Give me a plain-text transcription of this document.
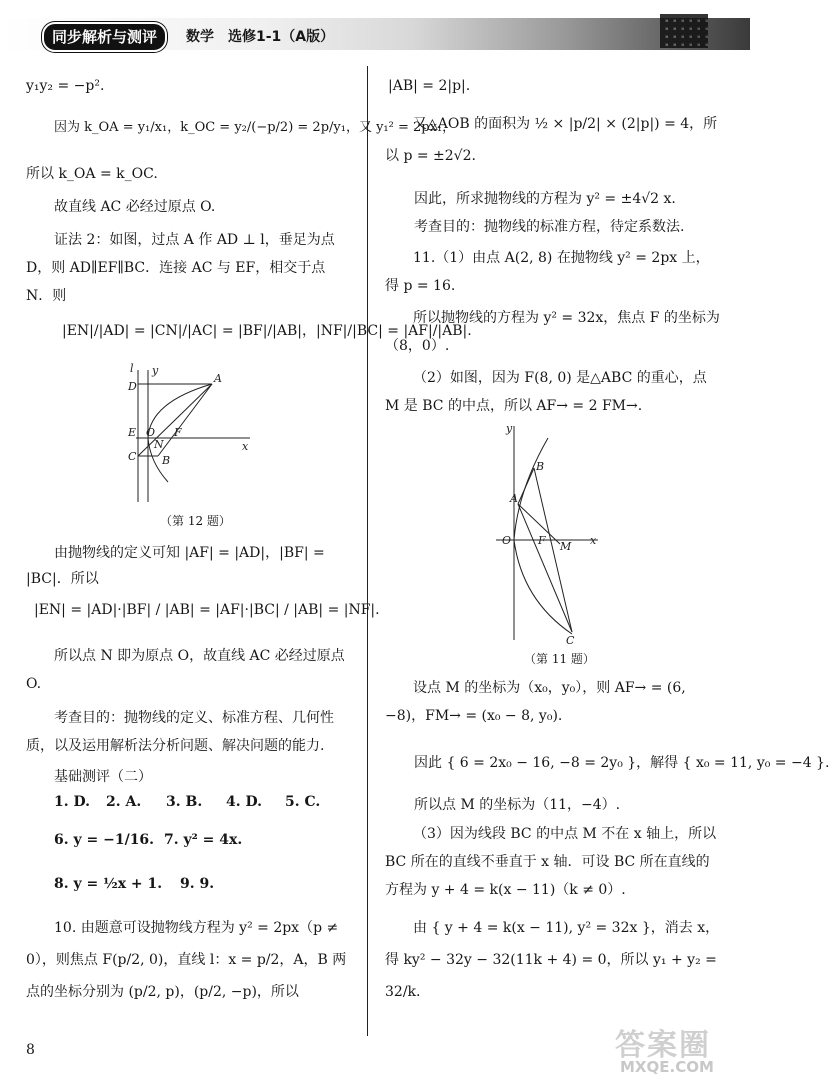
同步解析与测评	数学 选修1-1（A版）
y₁y₂ = −p².
因为 k_OA = y₁/x₁，k_OC = y₂/(−p/2) = 2p/y₁，又 y₁² = 2px₁，
所以 k_OA = k_OC.
故直线 AC 必经过原点 O.

证法 2：如图，过点 A 作 AD ⊥ l，垂足为点 D，则 AD∥EF∥BC．连接 AC 与 EF，相交于点 N．则

|EN|/|AD| = |CN|/|AC| = |BF|/|AB|，|NF|/|BC| = |AF|/|AB|.
l y
D
A
E O
N
F
x
C B
（第 12 题）

由抛物线的定义可知 |AF| = |AD|，|BF| = |BC|．所以

|EN| = |AD|·|BF| / |AB| = |AF|·|BC| / |AB| = |NF|.

所以点 N 即为原点 O，故直线 AC 必经过原点 O.

考查目的：抛物线的定义、标准方程、几何性质，以及运用解析法分析问题、解决问题的能力.

基础测评（二）
1. D. 2. A. 3. B. 4. D. 5. C.
6. y = −1/16. 7. y² = 4x.
8. y = ½x + 1. 9. 9.

10. 由题意可设抛物线方程为 y² = 2px（p ≠ 0），则焦点 F(p/2, 0)，直线 l：x = p/2，A，B 两点的坐标分别为 (p/2, p)，(p/2, −p)，所以

|AB| = 2|p|.

又△AOB 的面积为 ½ × |p/2| × (2|p|) = 4，所以 p = ±2√2.

因此，所求抛物线的方程为 y² = ±4√2 x.
考查目的：抛物线的标准方程，待定系数法.

11.（1）由点 A(2, 8) 在抛物线 y² = 2px 上，得 p = 16.

所以抛物线的方程为 y² = 32x，焦点 F 的坐标为（8，0）.

（2）如图，因为 F(8, 0) 是△ABC 的重心，点 M 是 BC 的中点，所以 AF→ = 2 FM→.

y
B
A
O F M x
C
（第 11 题）

设点 M 的坐标为（x₀，y₀），则 AF→ = (6, −8)，FM→ = (x₀ − 8, y₀).

因此 { 6 = 2x₀ − 16, −8 = 2y₀ }，解得 { x₀ = 11, y₀ = −4 }.
所以点 M 的坐标为（11，−4）.

（3）因为线段 BC 的中点 M 不在 x 轴上，所以 BC 所在的直线不垂直于 x 轴．可设 BC 所在直线的方程为 y + 4 = k(x − 11)（k ≠ 0）.

由 { y + 4 = k(x − 11), y² = 32x }，消去 x，得 ky² − 32y − 32(11k + 4) = 0，所以 y₁ + y₂ = 32/k.

8	答案圈
MXQE.COM
